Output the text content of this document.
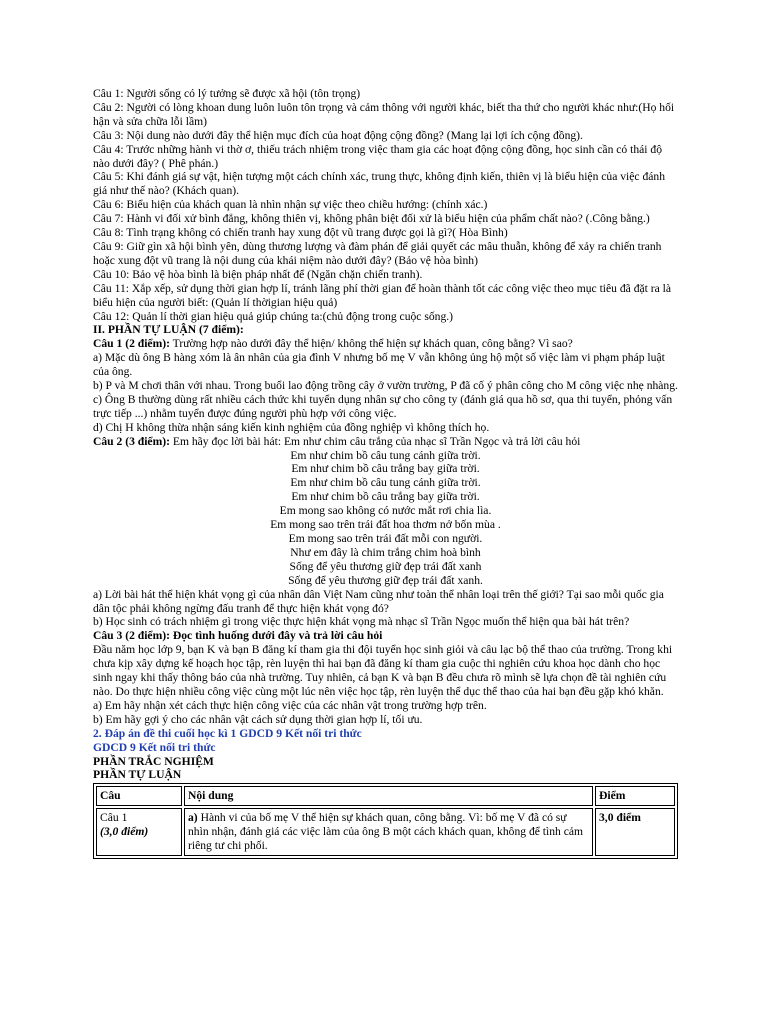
Câu 1: Người sống có lý tưởng sẽ được xã hội (tôn trọng)

Câu 2: Người có lòng khoan dung luôn luôn tôn trọng và cảm thông với người khác, biết tha thứ cho người khác như:(Họ hối hận và sửa chữa lỗi lầm)

Câu 3: Nội dung nào dưới đây thể hiện mục đích của hoạt động cộng đồng? (Mang lại lợi ích cộng đồng).

Câu 4: Trước những hành vi thờ ơ, thiếu trách nhiệm trong việc tham gia các hoạt động cộng đồng, học sinh cần có thái độ nào dưới đây? ( Phê phán.)

Câu 5: Khi đánh giá sự vật, hiện tượng một cách chính xác, trung thực, không định kiến, thiên vị là biểu hiện của việc đánh giá như thế nào? (Khách quan).

Câu 6: Biểu hiện của khách quan là nhìn nhận sự việc theo chiều hướng: (chính xác.)

Câu 7: Hành vi đối xử bình đẳng, không thiên vị, không phân biệt đối xử là biểu hiện của phẩm chất nào? (.Công bằng.)

Câu 8: Tình trạng không có chiến tranh hay xung đột vũ trang được gọi là gì?( Hòa Bình)

Câu 9: Giữ gìn xã hội bình yên, dùng thương lượng và đàm phán để giải quyết các mâu thuẫn, không để xảy ra chiến tranh hoặc xung đột vũ trang là nội dung của khái niệm nào dưới đây? (Bảo vệ hòa bình)

Câu 10: Bảo vệ hòa bình là biện pháp nhất để (Ngăn chặn chiến tranh).

Câu 11: Xắp xếp, sử dụng thời gian hợp lí, tránh lãng phí thời gian để hoàn thành tốt các công việc theo mục tiêu đã đặt ra là biểu hiện của người biết: (Quản lí thờigian hiệu quả)

Câu 12: Quản lí thời gian hiệu quả giúp chúng ta:(chủ động trong cuộc sống.)

II. PHẦN TỰ LUẬN (7 điểm):

Câu 1 (2 điểm): Trường hợp nào dưới đây thể hiện/ không thể hiện sự khách quan, công bằng? Vì sao?

a) Mặc dù ông B hàng xóm là ân nhân của gia đình V nhưng bố mẹ V vẫn không ủng hộ một số việc làm vi phạm pháp luật của ông.

b) P và M chơi thân với nhau. Trong buổi lao động trồng cây ở vườn trường, P đã cố ý phân công cho M công việc nhẹ nhàng.

c) Ông B thường dùng rất nhiều cách thức khi tuyển dụng nhân sự cho công ty (đánh giá qua hồ sơ, qua thi tuyển, phỏng vấn trực tiếp ...) nhằm tuyển được đúng người phù hợp với công việc.

d) Chị H không thừa nhận sáng kiến kinh nghiệm của đồng nghiệp vì không thích họ.

Câu 2 (3 điểm): Em hãy đọc lời bài hát: Em như chim câu trắng của nhạc sĩ Trần Ngọc và trả lời câu hỏi

Em như chim bồ câu tung cánh giữa trời.

Em như chim bồ câu trắng bay giữa trời.

Em như chim bồ câu tung cánh giữa trời.

Em như chim bồ câu trắng bay giữa trời.

Em mong sao không có nước mắt rơi chia lìa.

Em mong sao trên trái đất hoa thơm nở bốn mùa .

Em mong sao trên trái đất mỗi con người.

Như em đây là chim trắng chim hoà bình

Sống để yêu thương giữ đẹp trái đất xanh

Sống để yêu thương giữ đẹp trái đất xanh.

a) Lời bài hát thể hiện khát vọng gì của nhân dân Việt Nam cũng như toàn thể nhân loại trên thế giới? Tại sao mỗi quốc gia dân tộc phải không ngừng đấu tranh để thực hiện khát vọng đó?

b) Học sinh có trách nhiệm gì trong việc thực hiện khát vọng mà nhạc sĩ Trần Ngọc muốn thể hiện qua bài hát trên?

Câu 3 (2 điểm): Đọc tình huống dưới đây và trả lời câu hỏi

Đầu năm học lớp 9, bạn K và bạn B đăng kí tham gia thi đội tuyển học sinh giỏi và câu lạc bộ thể thao của trường. Trong khi chưa kịp xây dựng kế hoạch học tập, rèn luyện thì hai bạn đã đăng kí tham gia cuộc thi nghiên cứu khoa học dành cho học sinh ngay khi thấy thông báo của nhà trường. Tuy nhiên, cả bạn K và bạn B đều chưa rõ mình sẽ lựa chọn đề tài nghiên cứu nào. Do thực hiện nhiều công việc cùng một lúc nên việc học tập, rèn luyện thể dục thể thao của hai bạn đều gặp khó khăn.

a) Em hãy nhận xét cách thực hiện công việc của các nhân vật trong trường hợp trên.

b) Em hãy gợi ý cho các nhân vật cách sử dụng thời gian hợp lí, tối ưu.

2. Đáp án đề thi cuối học kì 1 GDCD 9 Kết nối tri thức

GDCD 9 Kết nối tri thức

PHẦN TRẮC NGHIỆM

PHẦN TỰ LUẬN

Câu	Nội dung	Điểm

Câu 1
(3,0 điểm)	a) Hành vi của bố mẹ V thể hiện sự khách quan, công bằng. Vì: bố mẹ V đã có sự nhìn nhận, đánh giá các việc làm của ông B một cách khách quan, không để tình cảm riêng tư chi phối.	3,0 điểm
